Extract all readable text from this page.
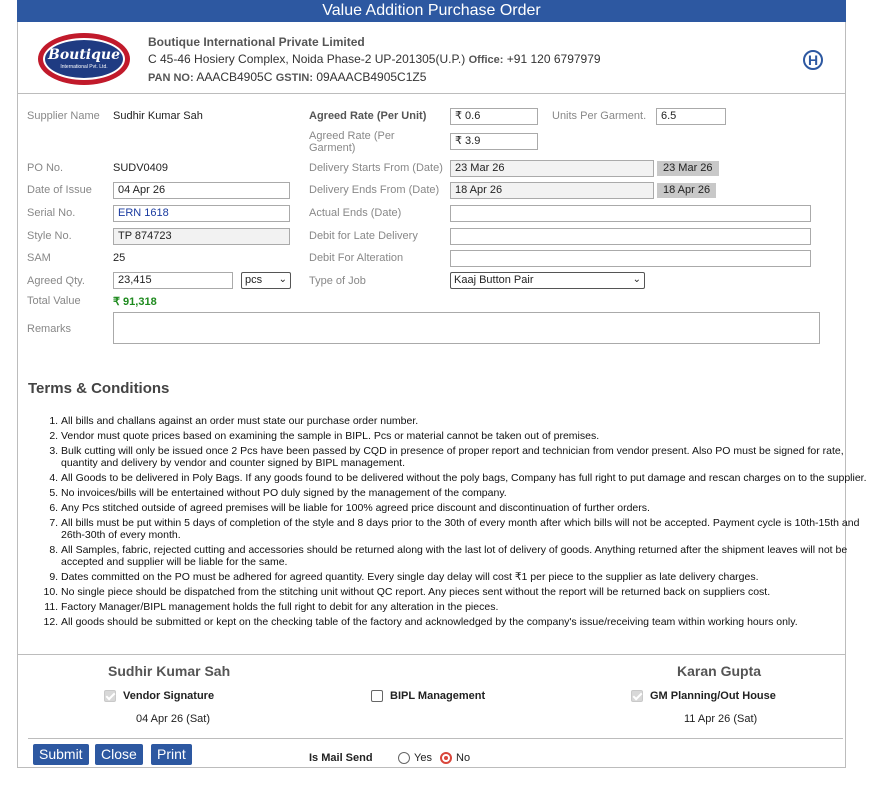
Value Addition Purchase Order
Boutique
International Pvt. Ltd.
Boutique International Private Limited
C 45-46 Hosiery Complex, Noida Phase-2 UP-201305(U.P.) Office: +91 120 6797979
PAN NO: AAACB4905C GSTIN: 09AAACB4905C1Z5
H
Supplier Name Sudhir Kumar Sah
PO No.	SUDV0409
Date of Issue	04 Apr 26
Serial No.	ERN 1618
Style No.	TP 874723
SAM	25
Agreed Qty.	23,415	pcs ⌄
Total Value	₹ 91,318
Remarks
Agreed Rate (Per Unit)	₹ 0.6	Units Per Garment.	6.5
Agreed Rate (Per Garment)
₹ 3.9
Delivery Starts From (Date)	23 Mar 26	23 Mar 26
Delivery Ends From (Date)	18 Apr 26	18 Apr 26
Actual Ends (Date)
Debit for Late Delivery
Debit For Alteration
Type of Job	Kaaj Button Pair	⌄
Terms & Conditions
1. All bills and challans against an order must state our purchase order number.
2. Vendor must quote prices based on examining the sample in BIPL. Pcs or material cannot be taken out of premises.
3. Bulk cutting will only be issued once 2 Pcs have been passed by CQD in presence of proper report and technician from vendor present. Also PO must be signed for rate, quantity and delivery by vendor and counter signed by BIPL management.
4. All Goods to be delivered in Poly Bags. If any goods found to be delivered without the poly bags, Company has full right to put damage and rescan charges on to the supplier.
5. No invoices/bills will be entertained without PO duly signed by the management of the company.
6. Any Pcs stitched outside of agreed premises will be liable for 100% agreed price discount and discontinuation of further orders.
7. All bills must be put within 5 days of completion of the style and 8 days prior to the 30th of every month after which bills will not be accepted. Payment cycle is 10th-15th and 26th-30th of every month.
8. All Samples, fabric, rejected cutting and accessories should be returned along with the last lot of delivery of goods. Anything returned after the shipment leaves will not be accepted and supplier will be liable for the same.
9. Dates committed on the PO must be adhered for agreed quantity. Every single day delay will cost ₹1 per piece to the supplier as late delivery charges.
10. No single piece should be dispatched from the stitching unit without QC report. Any pieces sent without the report will be returned back on suppliers cost.
11. Factory Manager/BIPL management holds the full right to debit for any alteration in the pieces.
12. All goods should be submitted or kept on the checking table of the factory and acknowledged by the company's issue/receiving team within working hours only.
Sudhir Kumar Sah
Vendor Signature
04 Apr 26 (Sat)
BIPL Management
Karan Gupta
GM Planning/Out House
11 Apr 26 (Sat)
Submit	Close	Print	Is Mail Send	Yes No
